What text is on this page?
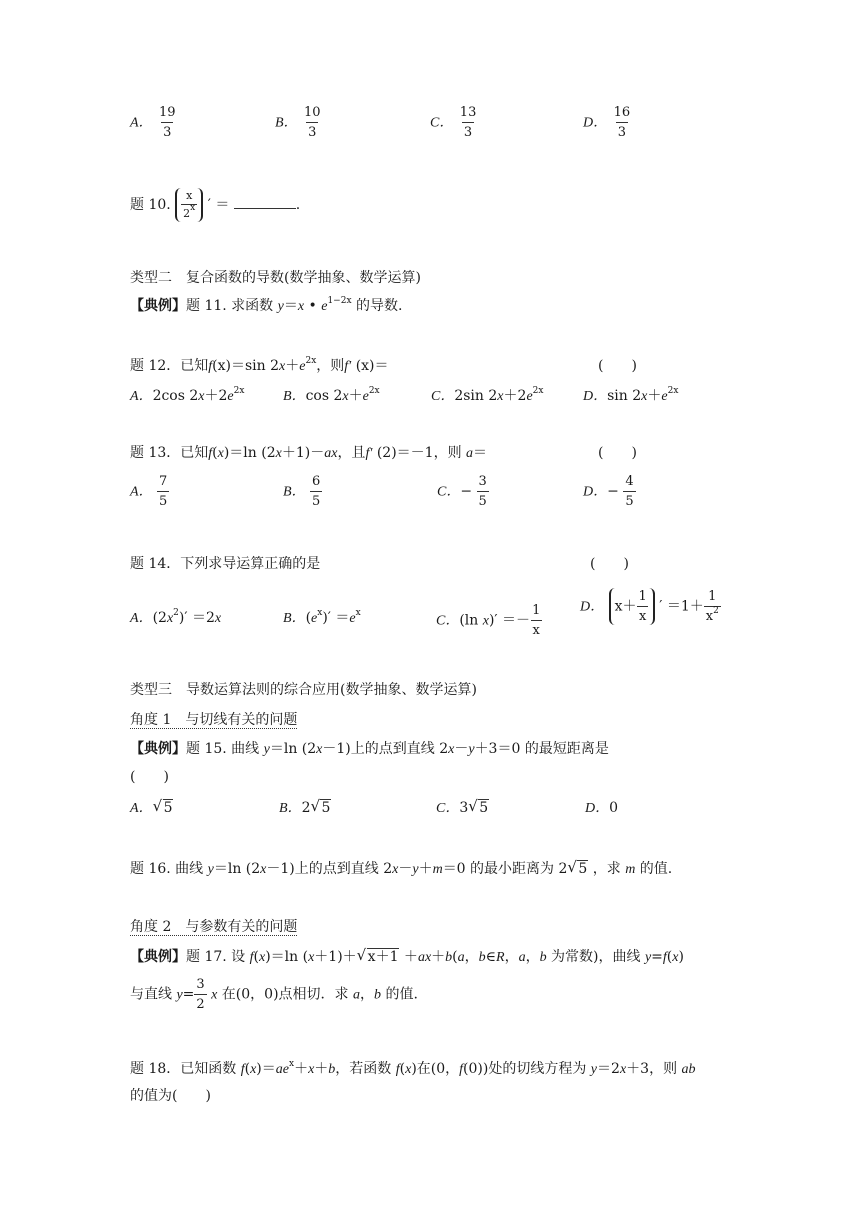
A． $\frac{19}{3}$	B． $\frac{10}{3}$	C． $\frac{13}{3}$	D． $\frac{16}{3}$
题 10. $\frac{x}{2^x}$ ′ ＝	.
类型二　复合函数的导数(数学抽象、数学运算)
【典例】题 11. 求函数 y＝x • $e^{1-2x}$ 的导数.
题 12．已知f(x)＝sin $2x+e^{2x}$，则f′ (x)＝	(　　)
A．2cos $2x+2e^{2x}$	B．$\cos 2x+e^{2x}$	C．2sin $2x+2e^{2x}$	D．$\sin 2x+e^{2x}$
题 13．已知f(x)＝ln (2x＋1)－ax，且f′ (2)＝－1，则 a＝	(　　)
A． $\frac{7}{5}$	B． $\frac{6}{5}$	C．− $\frac{3}{5}$	D．− $\frac{4}{5}$
题 14．下列求导运算正确的是	(　　)
A．$(2x^2)' =2x$	B．$(e^x)' =e^x$
C．(ln $x)' =- \frac{1}{x}$	D． $x+ \frac{1}{x}$ ′ $=1+ \frac{1}{x^2}$
类型三　导数运算法则的综合应用(数学抽象、数学运算)
角度 1　与切线有关的问题
【典例】题 15. 曲线 y＝ln (2x－1)上的点到直线 2x－y＋3＝0 的最短距离是
(　　)
A． √ 5	B．2 √ 5	C．3 √ 5	D．0
题 16. 曲线 y＝ln (2x－1)上的点到直线 2x－y＋m＝0 的最小距离为 2 √ 5 ，求 m 的值.
角度 2　与参数有关的问题
【典例】题 17. 设 f(x)＝ln (x＋1)＋ √ x＋1 ＋ax＋b(a，b∈R，a，b 为常数)，曲线 y=f(x)
与直线 $y= \frac{3}{2}$ x 在(0，0)点相切．求 a，b 的值.
题 18．已知函数 $f(x)=ae^x+x+b$，若函数 f(x)在(0，f(0))处的切线方程为 y＝2x＋3，则 ab
的值为(　　)
